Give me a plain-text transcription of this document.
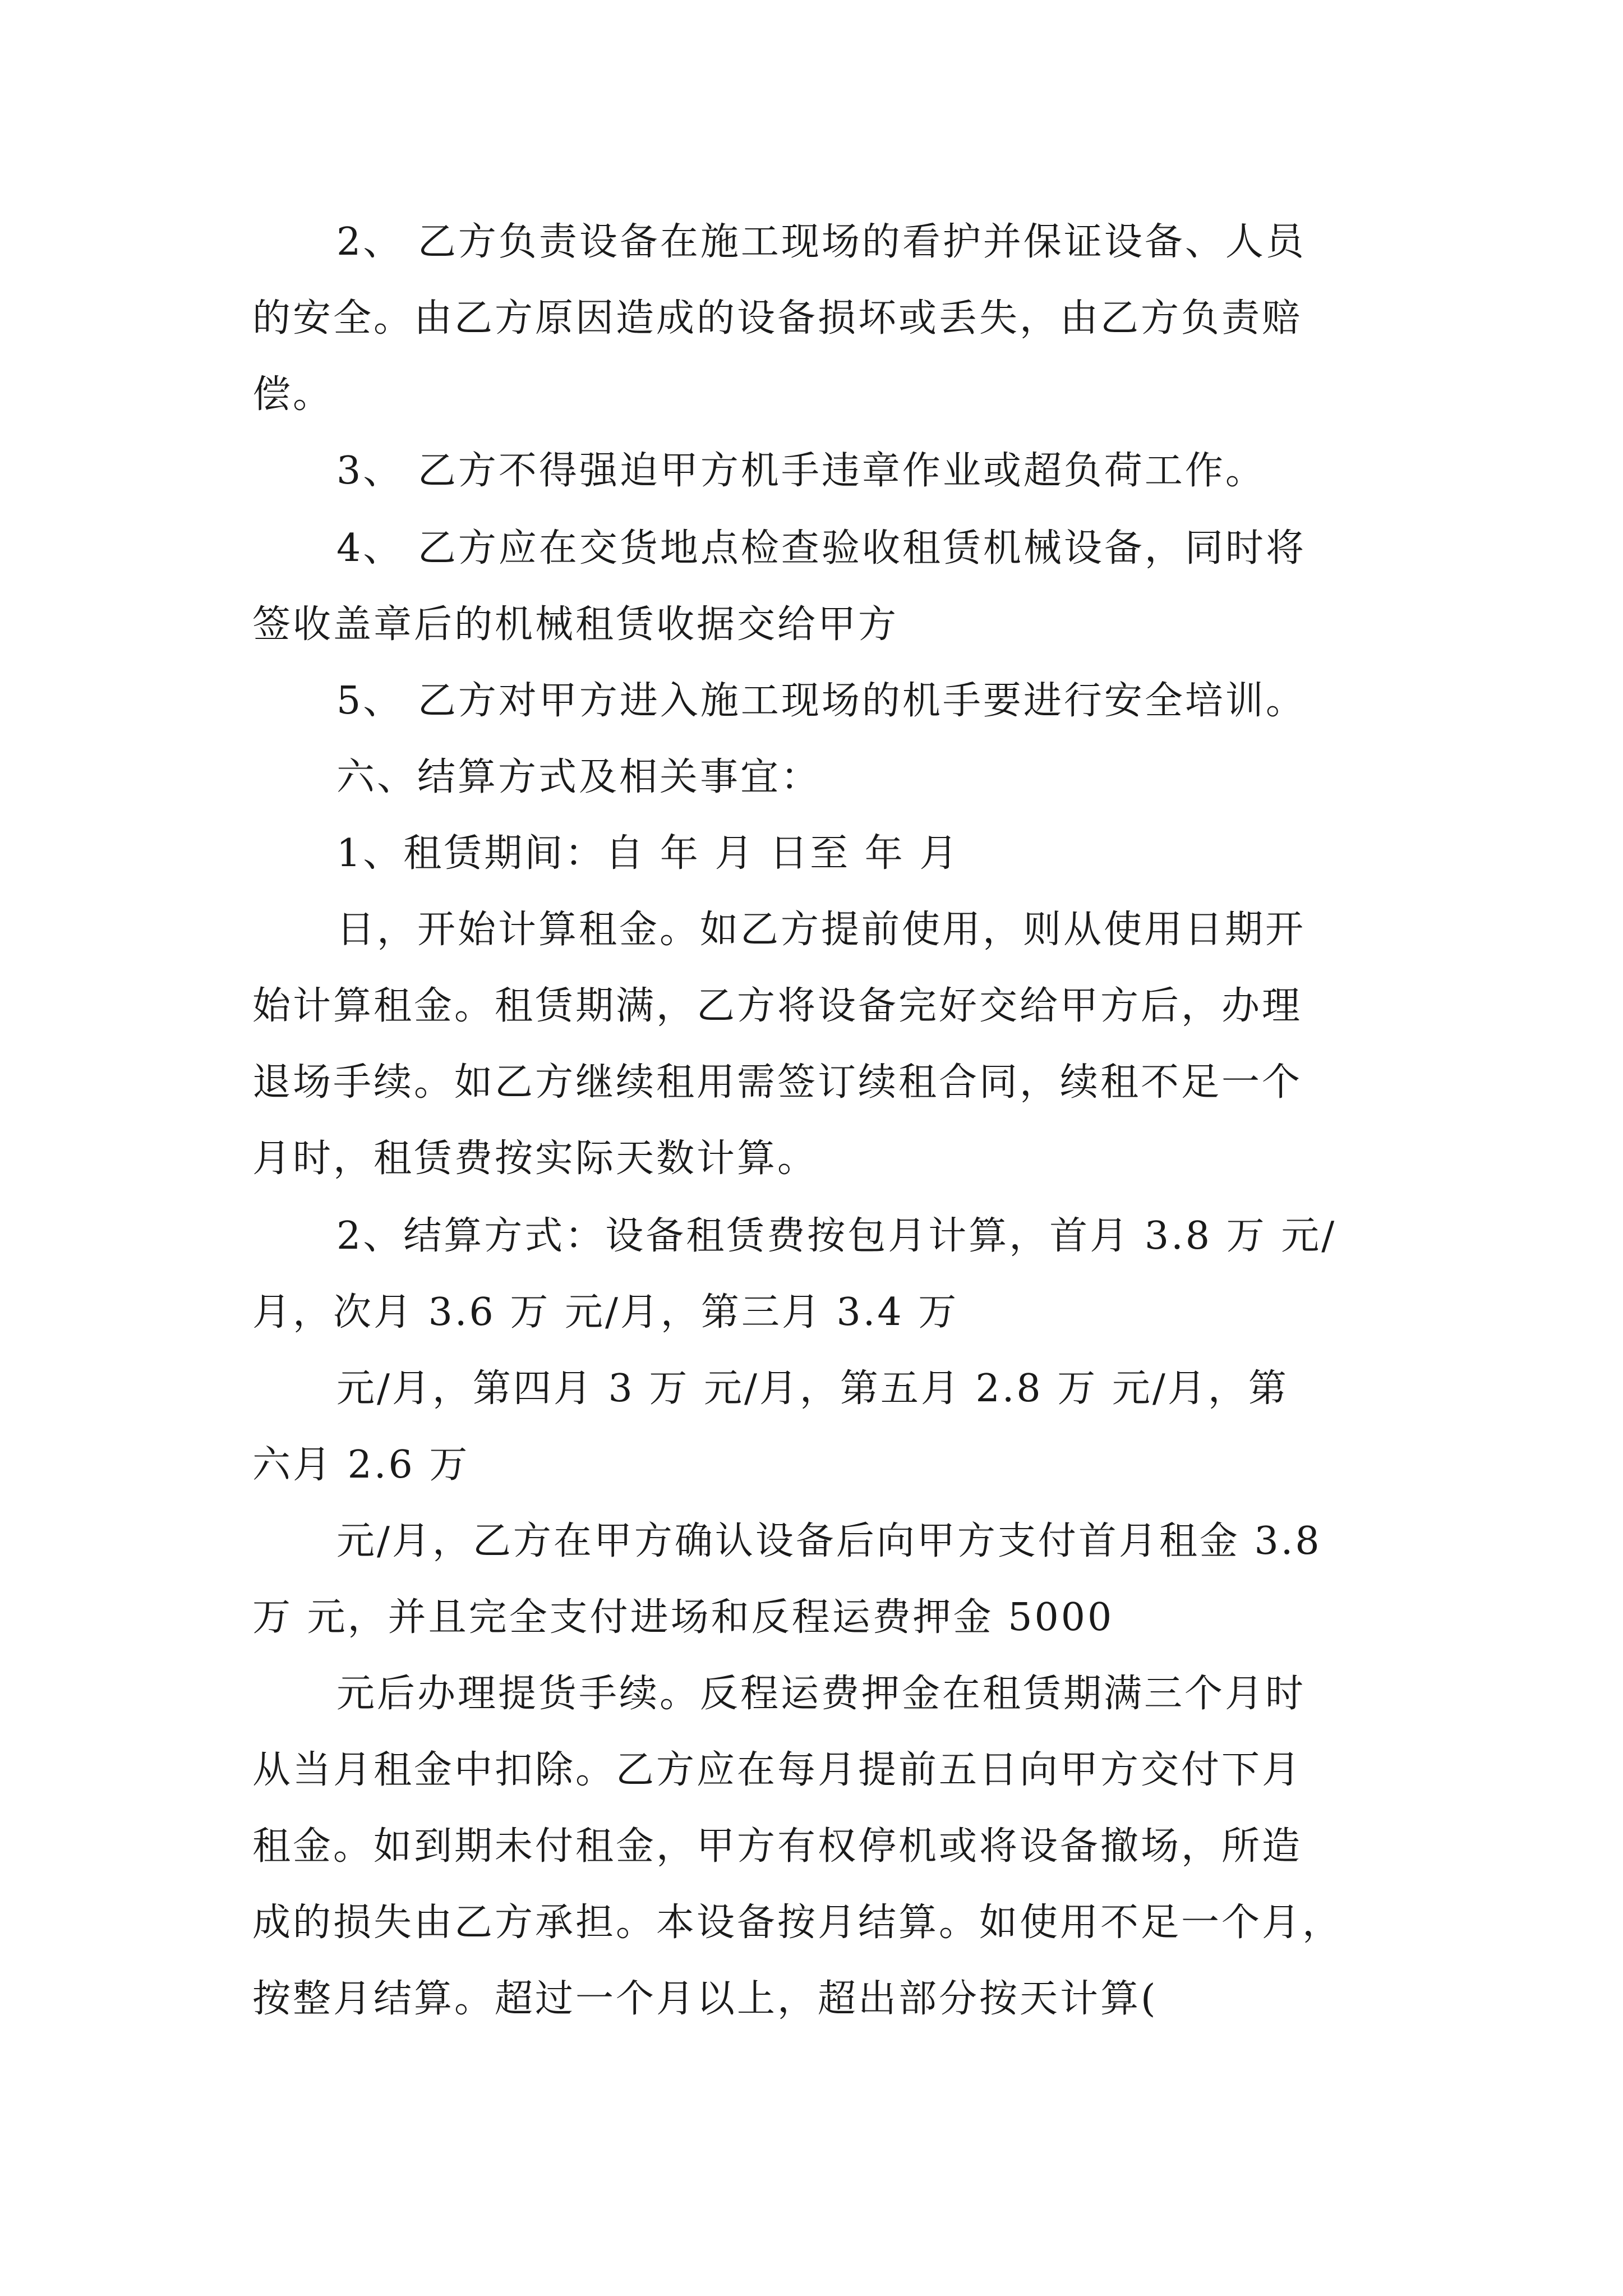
2、 乙方负责设备在施工现场的看护并保证设备、人员
的安全。由乙方原因造成的设备损坏或丢失，由乙方负责赔
偿。
3、 乙方不得强迫甲方机手违章作业或超负荷工作。
4、 乙方应在交货地点检查验收租赁机械设备，同时将
签收盖章后的机械租赁收据交给甲方
5、 乙方对甲方进入施工现场的机手要进行安全培训。
六、结算方式及相关事宜：
1、租赁期间：自 年 月 日至 年 月
日，开始计算租金。如乙方提前使用，则从使用日期开
始计算租金。租赁期满，乙方将设备完好交给甲方后，办理
退场手续。如乙方继续租用需签订续租合同，续租不足一个
月时，租赁费按实际天数计算。
2、结算方式：设备租赁费按包月计算，首月 3.8 万 元/
月，次月 3.6 万 元/月，第三月 3.4 万
元/月，第四月 3 万 元/月，第五月 2.8 万 元/月，第
六月 2.6 万
元/月，乙方在甲方确认设备后向甲方支付首月租金 3.8
万 元，并且完全支付进场和反程运费押金 5000
元后办理提货手续。反程运费押金在租赁期满三个月时
从当月租金中扣除。乙方应在每月提前五日向甲方交付下月
租金。如到期未付租金，甲方有权停机或将设备撤场，所造
成的损失由乙方承担。本设备按月结算。如使用不足一个月，
按整月结算。超过一个月以上，超出部分按天计算(
